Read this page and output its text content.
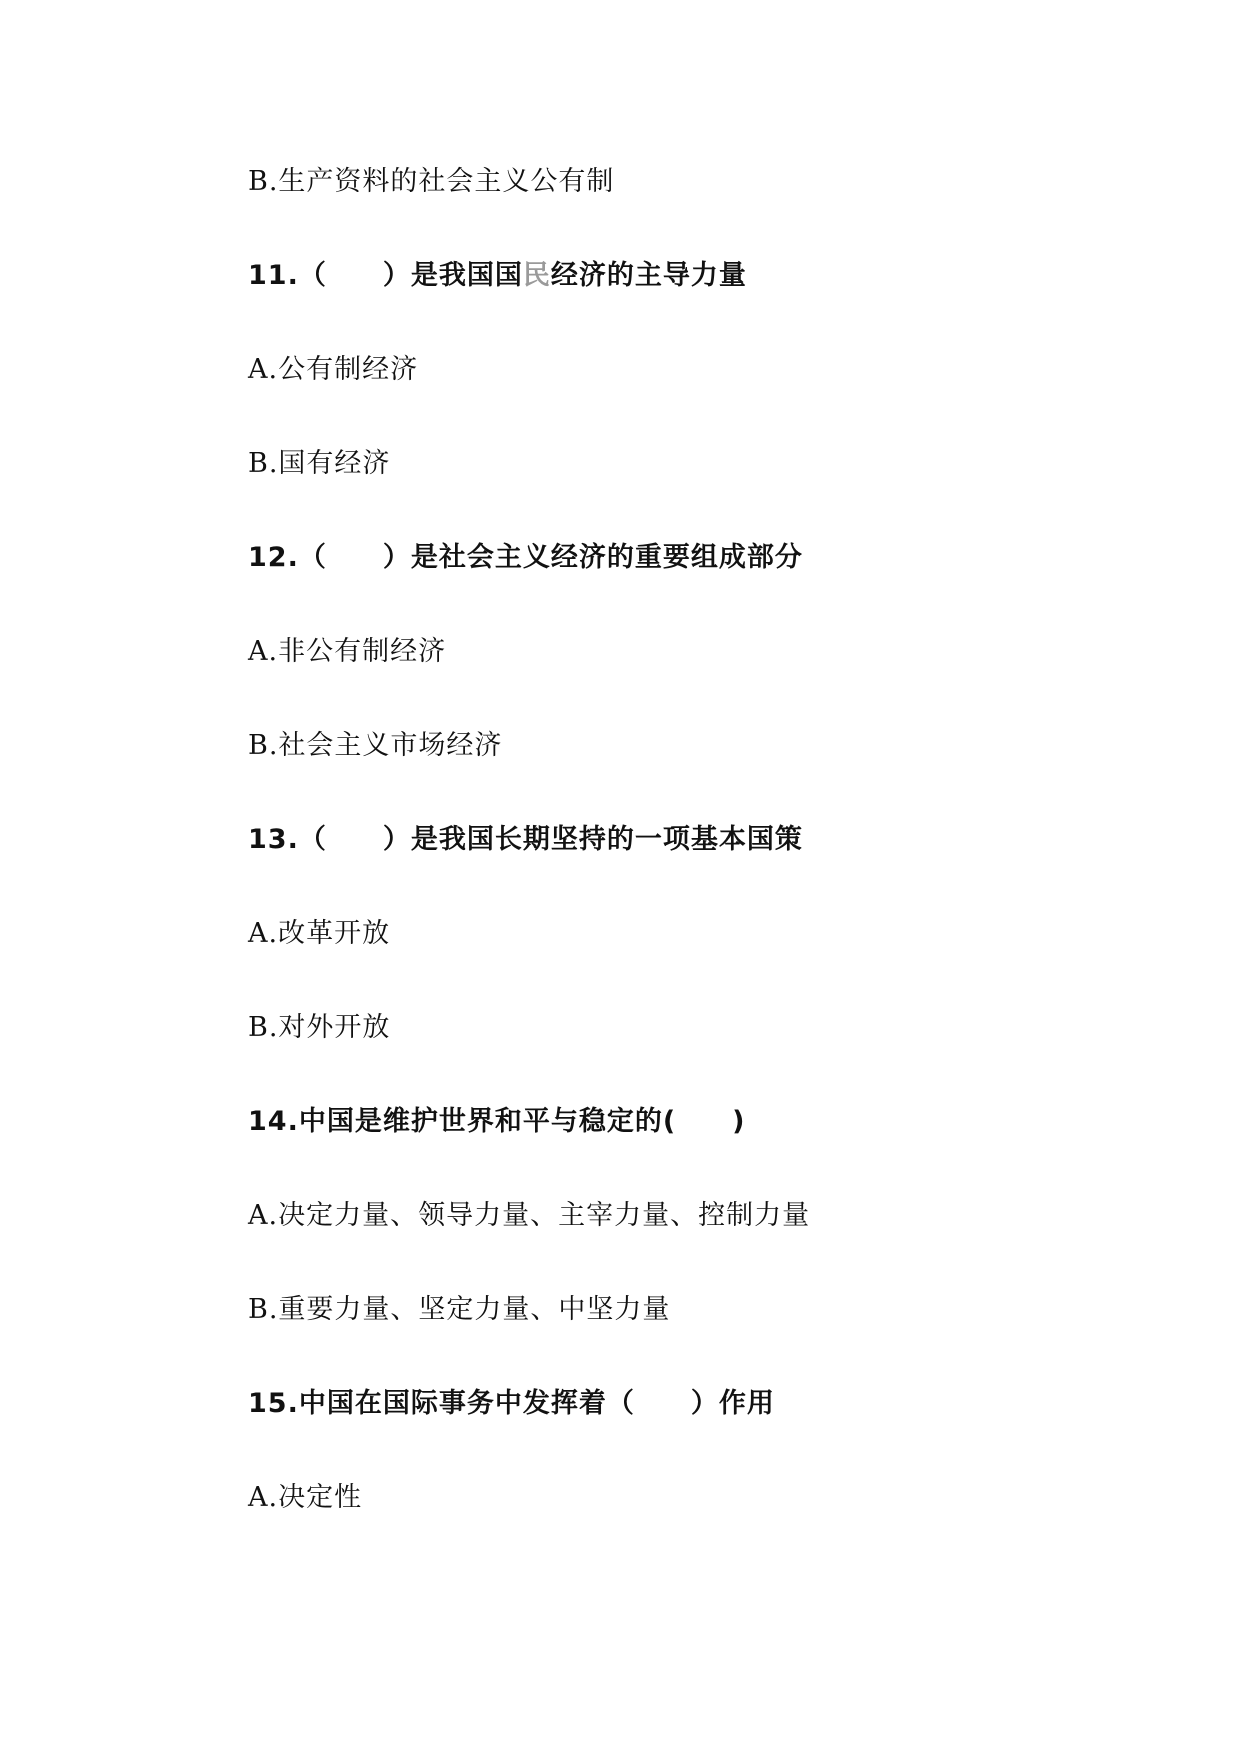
B.生产资料的社会主义公有制
11.（　　）是我国国民经济的主导力量
A.公有制经济
B.国有经济
12.（　　）是社会主义经济的重要组成部分
A.非公有制经济
B.社会主义市场经济
13.（　　）是我国长期坚持的一项基本国策
A.改革开放
B.对外开放
14.中国是维护世界和平与稳定的(　　)
A.决定力量、领导力量、主宰力量、控制力量
B.重要力量、坚定力量、中坚力量
15.中国在国际事务中发挥着（　　）作用
A.决定性
